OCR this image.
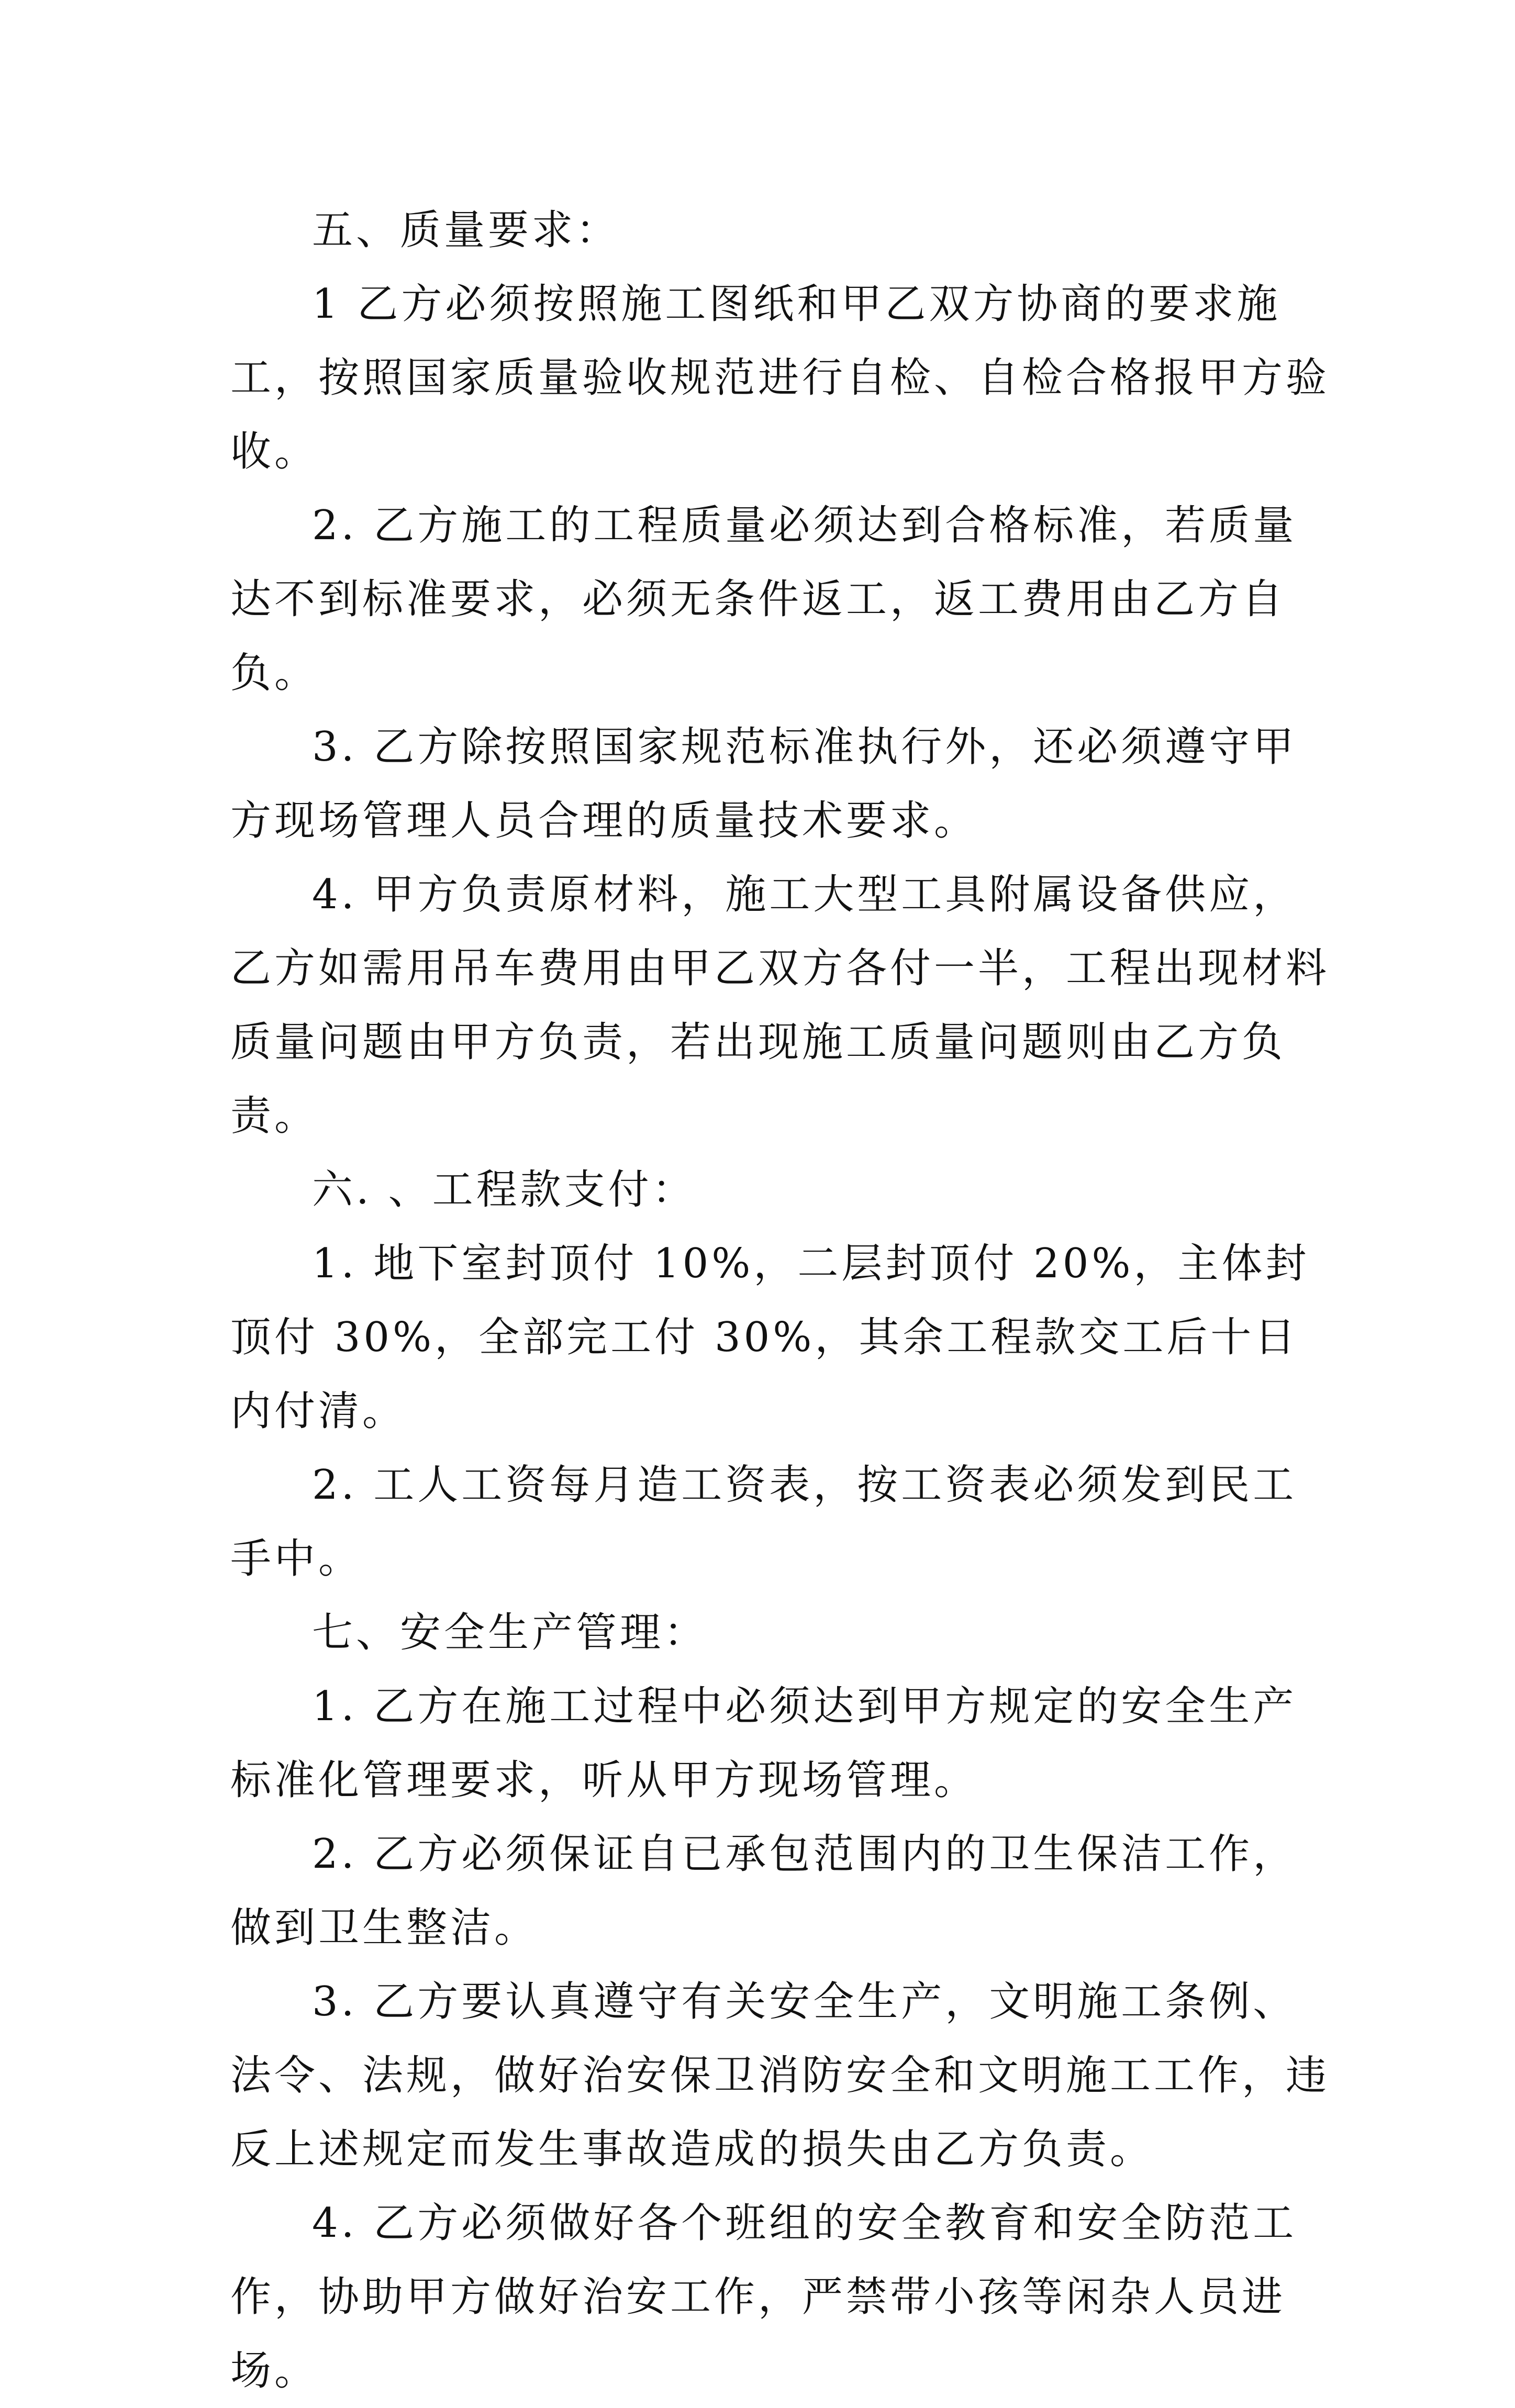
五、质量要求：

1 乙方必须按照施工图纸和甲乙双方协商的要求施工，按照国家质量验收规范进行自检、自检合格报甲方验收。

2. 乙方施工的工程质量必须达到合格标准，若质量达不到标准要求，必须无条件返工，返工费用由乙方自负。

3. 乙方除按照国家规范标准执行外，还必须遵守甲方现场管理人员合理的质量技术要求。

4. 甲方负责原材料，施工大型工具附属设备供应，乙方如需用吊车费用由甲乙双方各付一半，工程出现材料质量问题由甲方负责，若出现施工质量问题则由乙方负责。

六. 、工程款支付：

1. 地下室封顶付 10%，二层封顶付 20%，主体封顶付 30%，全部完工付 30%，其余工程款交工后十日内付清。

2. 工人工资每月造工资表，按工资表必须发到民工手中。

七、安全生产管理：

1. 乙方在施工过程中必须达到甲方规定的安全生产标准化管理要求，听从甲方现场管理。

2. 乙方必须保证自已承包范围内的卫生保洁工作，做到卫生整洁。

3. 乙方要认真遵守有关安全生产，文明施工条例、法令、法规，做好治安保卫消防安全和文明施工工作，违反上述规定而发生事故造成的损失由乙方负责。

4. 乙方必须做好各个班组的安全教育和安全防范工作，协助甲方做好治安工作，严禁带小孩等闲杂人员进场。
